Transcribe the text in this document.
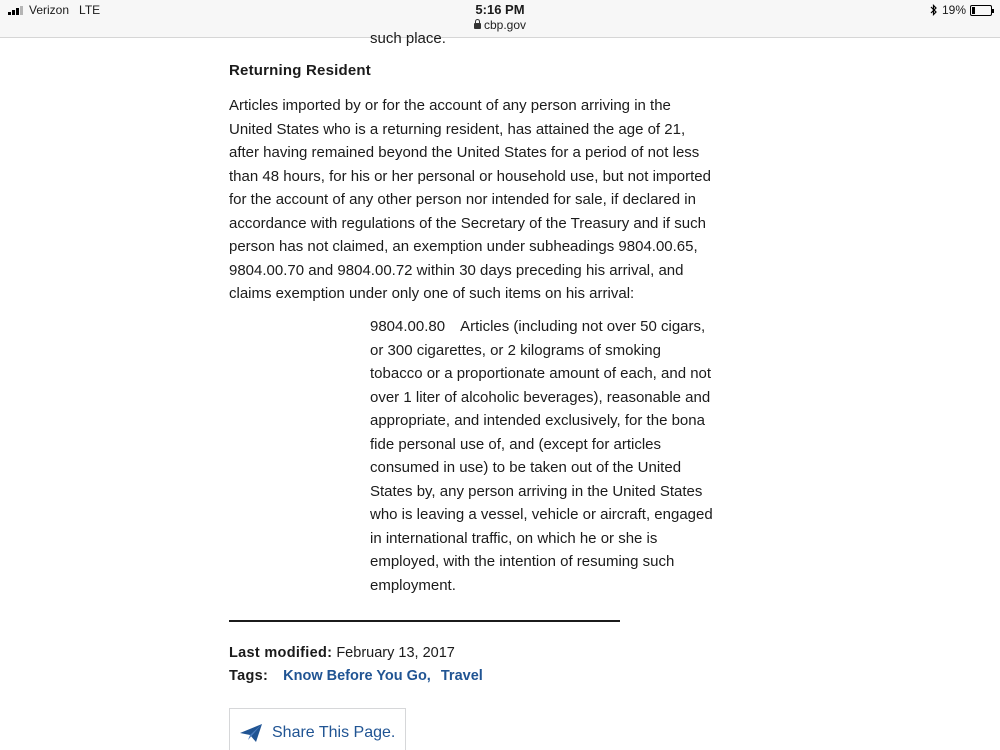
Verizon LTE	5:16 PM
cbp.gov
19%
such place.
Returning Resident

Articles imported by or for the account of any person arriving in the United States who is a returning resident, has attained the age of 21, after having remained beyond the United States for a period of not less than 48 hours, for his or her personal or household use, but not imported for the account of any other person nor intended for sale, if declared in accordance with regulations of the Secretary of the Treasury and if such person has not claimed, an exemption under subheadings 9804.00.65, 9804.00.70 and 9804.00.72 within 30 days preceding his arrival, and claims exemption under only one of such items on his arrival:

9804.00.80 Articles (including not over 50 cigars, or 300 cigarettes, or 2 kilograms of smoking tobacco or a proportionate amount of each, and not over 1 liter of alcoholic beverages), reasonable and appropriate, and intended exclusively, for the bona fide personal use of, and (except for articles consumed in use) to be taken out of the United States by, any person arriving in the United States who is leaving a vessel, vehicle or aircraft, engaged in international traffic, on which he or she is employed, with the intention of resuming such employment.
Last modified: February 13, 2017
Tags: Know Before You Go, Travel
Share This Page.
